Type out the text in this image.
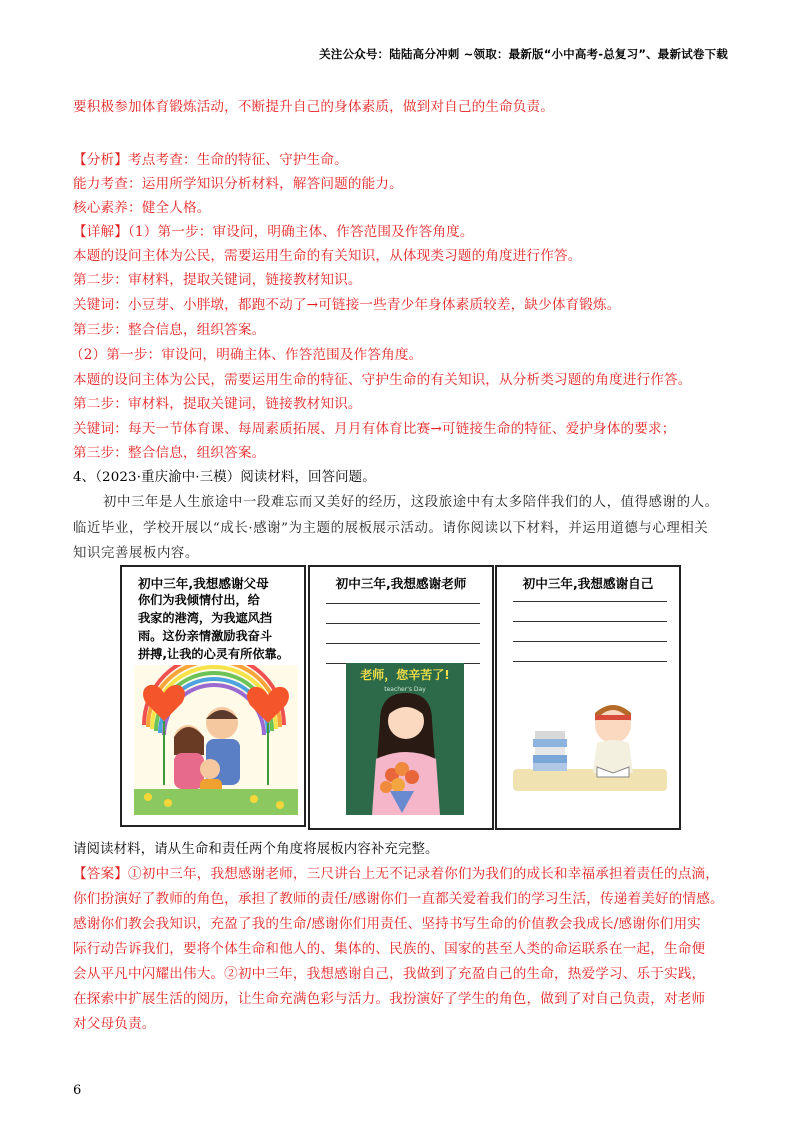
关注公众号：陆陆高分冲刺 ~领取：最新版“小中高考-总复习”、最新试卷下载
要积极参加体育锻炼活动，不断提升自己的身体素质，做到对自己的生命负责。
【分析】考点考查：生命的特征、守护生命。
能力考查：运用所学知识分析材料，解答问题的能力。
核心素养：健全人格。
【详解】（1）第一步：审设问，明确主体、作答范围及作答角度。
本题的设问主体为公民，需要运用生命的有关知识，从体现类习题的角度进行作答。
第二步：审材料，提取关键词，链接教材知识。
关键词：小豆芽、小胖墩，都跑不动了→可链接一些青少年身体素质较差，缺少体育锻炼。
第三步：整合信息，组织答案。
（2）第一步：审设问，明确主体、作答范围及作答角度。
本题的设问主体为公民，需要运用生命的特征、守护生命的有关知识，从分析类习题的角度进行作答。
第二步：审材料，提取关键词，链接教材知识。
关键词：每天一节体育课、每周素质拓展、月月有体育比赛→可链接生命的特征、爱护身体的要求；
第三步：整合信息，组织答案。
4、（2023·重庆渝中·三模）阅读材料，回答问题。
初中三年是人生旅途中一段难忘而又美好的经历，这段旅途中有太多陪伴我们的人，值得感谢的人。
临近毕业，学校开展以“成长·感谢”为主题的展板展示活动。请你阅读以下材料，并运用道德与心理相关
知识完善展板内容。
初中三年,我想感谢父母
你们为我倾情付出，给
我家的港湾，为我遮风挡
雨。这份亲情激励我奋斗
拼搏,让我的心灵有所依靠。
初中三年,我想感谢老师
老师，您辛苦了!
teacher's Day
初中三年,我想感谢自己
请阅读材料，请从生命和责任两个角度将展板内容补充完整。
【答案】①初中三年，我想感谢老师，三尺讲台上无不记录着你们为我们的成长和幸福承担着责任的点滴，
你们扮演好了教师的角色，承担了教师的责任/感谢你们一直都关爱着我们的学习生活，传递着美好的情感。
感谢你们教会我知识，充盈了我的生命/感谢你们用责任、坚持书写生命的价值教会我成长/感谢你们用实
际行动告诉我们，要将个体生命和他人的、集体的、民族的、国家的甚至人类的命运联系在一起，生命便
会从平凡中闪耀出伟大。②初中三年，我想感谢自己，我做到了充盈自己的生命，热爱学习、乐于实践，
在探索中扩展生活的阅历，让生命充满色彩与活力。我扮演好了学生的角色，做到了对自己负责，对老师
对父母负责。
6
